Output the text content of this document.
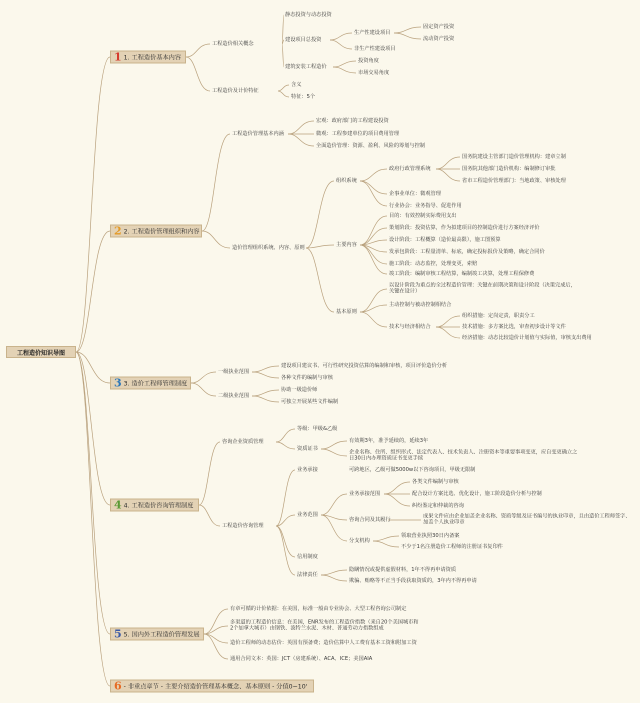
工程造价知识导图
1 1. 工程造价基本内容
2 2. 工程造价管理组织和内容
3 3. 造价工程师管理制度
4 4. 工程造价咨询管理制度
5 5. 国内外工程造价管理发展
6 - 非重点章节 - 主要介绍造价管理基本概念、基本原则 - 分值0~10'
工程造价相关概念
静态投资与动态投资
建设项目总投资
生产性建设项目
固定资产投资
流动资产投资
非生产性建设项目
建筑安装工程造价
投资角度
市场交易角度
工程造价及计价特征
含义
特征：5个
工程造价管理基本内涵
宏观：政府部门的工程建设投资
微观：工程参建单位的项目费用管理
全面造价管理：资源、盈利、风险的筹划与控制
造价管理组织系统、内容、原则
组织系统
政府行政管理系统
国务院建设主管部门造价管理机构：建章立制
国务院其他部门造价机构：编制修订审批
省市工程造价管理部门：当地政策、审核处理
企事业单位：微观管理
行业协会：业务指导、促进作用
主要内容
目的：有效控制实际费用支出
策划阶段：投资估算，作为拟建项目的控制造价进行方案经济评价
设计阶段：工程概算（造价最高限），施工图预算
发承包阶段：工程量清单、标底，确定投标报价及策略，确定合同价
施工阶段：动态监控，处理变更，索赔
竣工阶段：编制审核工程结算，编制竣工决算，处理工程保修费
基本原则
以设计阶段为重点的全过程造价管理：关键在前期决策和设计阶段（决策完成后，关键在设计）
主动控制与被动控制相结合
技术与经济相结合
组织措施：定岗定责，职责分工
技术措施：多方案比选，审查初步设计等文件
经济措施：动态比较造价计划值与实际值，审核支出费用
一级执业范围
建设项目建议书、可行性研究投资估算的编制和审核，项目评价造价分析
各种文件的编制与审核
二级执业范围
协助一级造价师
可独立开展某些文件编制
咨询企业资质管理
等级：甲级&乙级
资质证书
有效期3年，准予延续的，延续3年
企业名称、住所、组织形式、法定代表人、技术负责人、注册资本等重要事项变更，应自变更确立之日30日内办理资质证书变更手续
工程造价咨询管理
业务承接	可跨地区，乙级可做5000w以下咨询项目，甲级无限制
业务范围
业务承接范围
各类文件编制与审核
配合设计方案比选、优化设计，施工阶段造价分析与控制
纠纷鉴定和仲裁的咨询
咨询合同及其履行
成果文件应由企业加盖企业名称、资质等级及证书编号的执业印章，且由造价工程师签字、加盖个人执业印章
分支机构
领取营业执照30日内备案
不少于1名注册造价工程师的注册证书复印件
信用制度
法律责任
隐瞒情况或提供虚假材料，1年不得再申请资质
欺骗、贿赂等不正当手段获取资质的，3年内不得再申请
有章可循的计价依据：在美国，标准一般由专业协会、大型工程咨询公司制定
多渠道的工程造价信息：在美国，ENR发布的工程造价指数（来自20个美国城市和2个加拿大城市）由钢铁、波特兰水泥、木材、普通劳动力指数组成
造价工程师的动态估价：英国有预备费；造价估算中人工费有基本工资和附加工资
通用合同文本：英国：JCT（房建系统）、ACA、ICE；美国AIA
